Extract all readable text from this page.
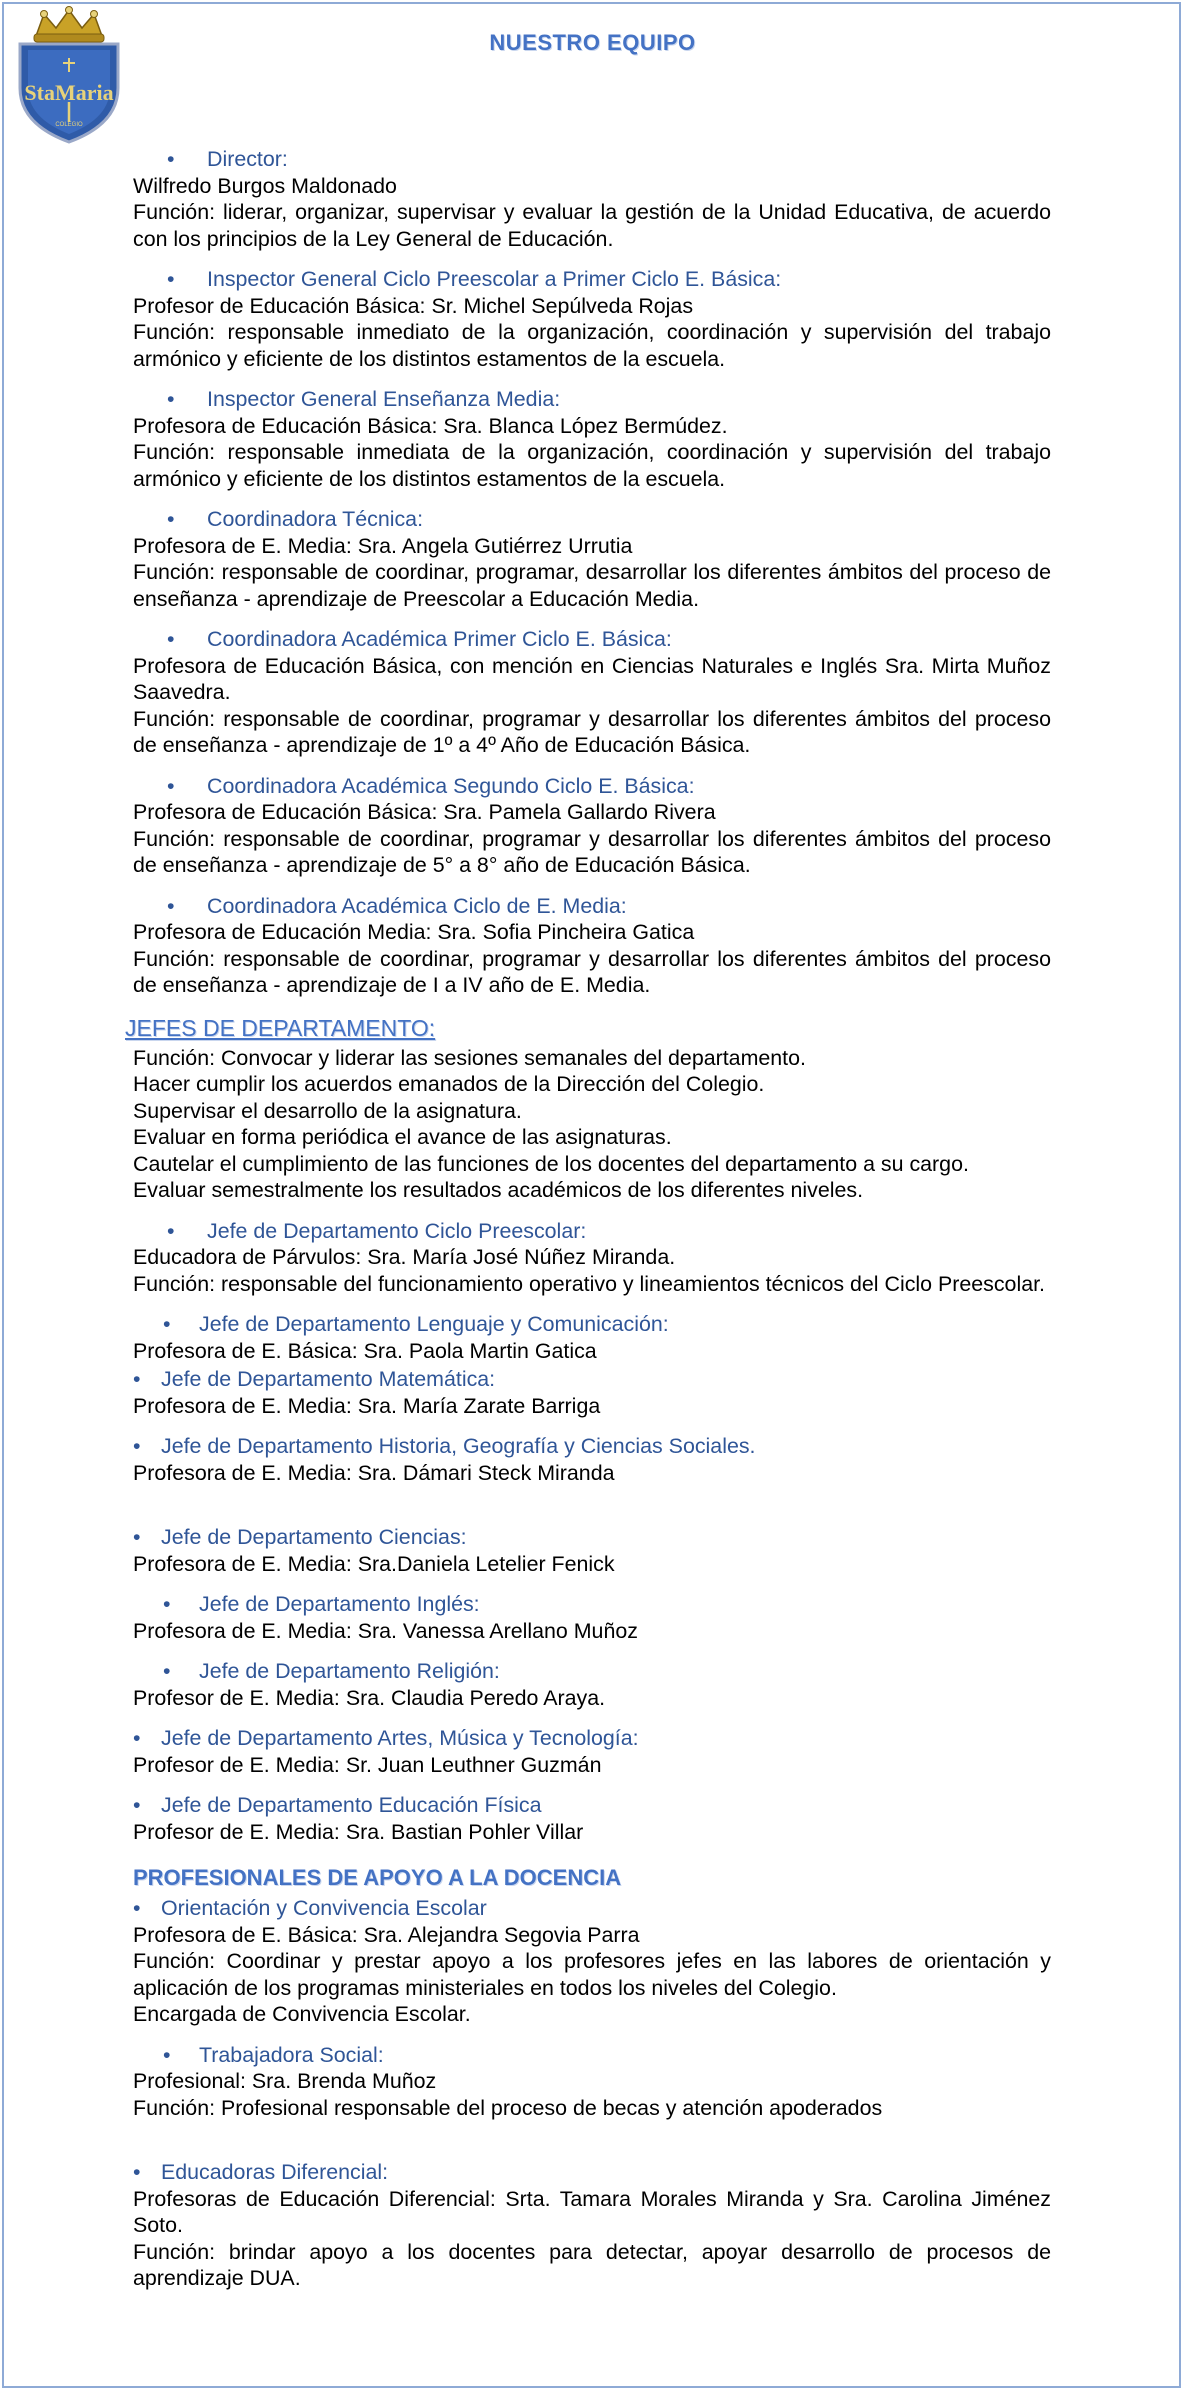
COLEGIO
StaMaria
NUESTRO EQUIPO
• Director:
Wilfredo Burgos Maldonado
Función: liderar, organizar, supervisar y evaluar la gestión de la Unidad Educativa, de acuerdo con los principios de la Ley General de Educación.
• Inspector General Ciclo Preescolar a Primer Ciclo E. Básica:
Profesor de Educación Básica: Sr. Michel Sepúlveda Rojas
Función: responsable inmediato de la organización, coordinación y supervisión del trabajo armónico y eficiente de los distintos estamentos de la escuela.
• Inspector General Enseñanza Media:
Profesora de Educación Básica: Sra. Blanca López Bermúdez.
Función: responsable inmediata de la organización, coordinación y supervisión del trabajo armónico y eficiente de los distintos estamentos de la escuela.
• Coordinadora Técnica:
Profesora de E. Media: Sra. Angela Gutiérrez Urrutia
Función: responsable de coordinar, programar, desarrollar los diferentes ámbitos del proceso de enseñanza - aprendizaje de Preescolar a Educación Media.
• Coordinadora Académica Primer Ciclo E. Básica:
Profesora de Educación Básica, con mención en Ciencias Naturales e Inglés Sra. Mirta Muñoz Saavedra.
Función: responsable de coordinar, programar y desarrollar los diferentes ámbitos del proceso de enseñanza - aprendizaje de 1º a 4º Año de Educación Básica.
• Coordinadora Académica Segundo Ciclo E. Básica:
Profesora de Educación Básica: Sra. Pamela Gallardo Rivera
Función: responsable de coordinar, programar y desarrollar los diferentes ámbitos del proceso de enseñanza - aprendizaje de 5° a 8° año de Educación Básica.
• Coordinadora Académica Ciclo de E. Media:
Profesora de Educación Media: Sra. Sofia Pincheira Gatica
Función: responsable de coordinar, programar y desarrollar los diferentes ámbitos del proceso de enseñanza - aprendizaje de I a IV año de E. Media.
JEFES DE DEPARTAMENTO:
Función: Convocar y liderar las sesiones semanales del departamento.
Hacer cumplir los acuerdos emanados de la Dirección del Colegio.
Supervisar el desarrollo de la asignatura.
Evaluar en forma periódica el avance de las asignaturas.
Cautelar el cumplimiento de las funciones de los docentes del departamento a su cargo.
Evaluar semestralmente los resultados académicos de los diferentes niveles.
• Jefe de Departamento Ciclo Preescolar:
Educadora de Párvulos: Sra. María José Núñez Miranda.
Función: responsable del funcionamiento operativo y lineamientos técnicos del Ciclo Preescolar.
• Jefe de Departamento Lenguaje y Comunicación:
Profesora de E. Básica: Sra. Paola Martin Gatica
• Jefe de Departamento Matemática:
Profesora de E. Media: Sra. María Zarate Barriga
• Jefe de Departamento Historia, Geografía y Ciencias Sociales.
Profesora de E. Media: Sra. Dámari Steck Miranda
• Jefe de Departamento Ciencias:
Profesora de E. Media: Sra.Daniela Letelier Fenick
• Jefe de Departamento Inglés:
Profesora de E. Media: Sra. Vanessa Arellano Muñoz
• Jefe de Departamento Religión:
Profesor de E. Media: Sra. Claudia Peredo Araya.
• Jefe de Departamento Artes, Música y Tecnología:
Profesor de E. Media: Sr. Juan Leuthner Guzmán
• Jefe de Departamento Educación Física
Profesor de E. Media: Sra. Bastian Pohler Villar
PROFESIONALES DE APOYO A LA DOCENCIA
• Orientación y Convivencia Escolar
Profesora de E. Básica: Sra. Alejandra Segovia Parra
Función: Coordinar y prestar apoyo a los profesores jefes en las labores de orientación y aplicación de los programas ministeriales en todos los niveles del Colegio.
Encargada de Convivencia Escolar.
• Trabajadora Social:
Profesional: Sra. Brenda Muñoz
Función: Profesional responsable del proceso de becas y atención apoderados
• Educadoras Diferencial:
Profesoras de Educación Diferencial: Srta. Tamara Morales Miranda y Sra. Carolina Jiménez Soto.
Función: brindar apoyo a los docentes para detectar, apoyar desarrollo de procesos de aprendizaje DUA.
